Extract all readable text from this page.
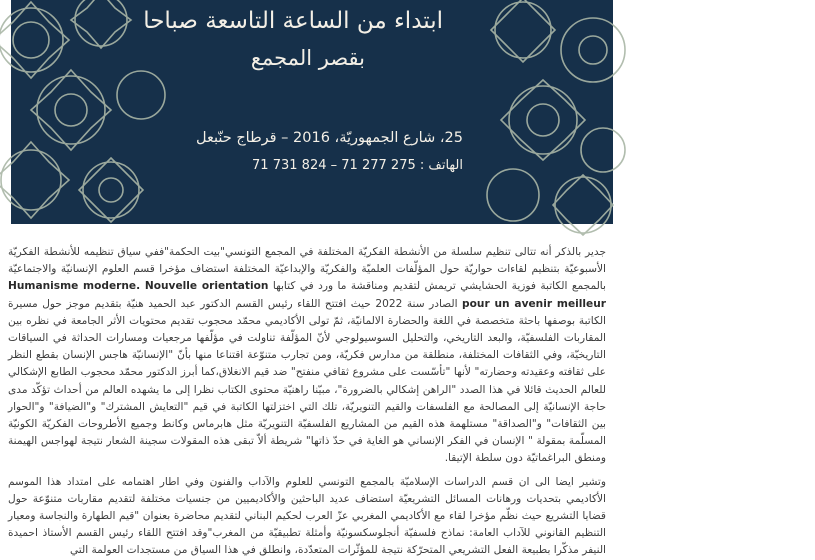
ابتداء من الساعة التاسعة صباحا
بقصر المجمع
25، شارع الجمهوريّة، 2016 – قرطاج حنّبعل
الهاتف : 275 277 71 – 824 731 71

جدير بالذكر أنه تتالى تنظيم سلسلة من الأنشطة الفكريّة المختلفة في المجمع التونسي"بيت الحكمة"ففي سياق تنظيمه للأنشطة الفكريّة الأسبوعيّة بتنظيم لقاءات حواريّة حول المؤلّفات العلميّة والفكريّة والإبداعيّة المختلفة استضاف مؤخرا قسم العلوم الإنسانيّة والاجتماعيّة بالمجمع الكاتبة فوزية الحشايشي تريمش لتقديم ومناقشة ما ورد في كتابها Humanisme moderne. Nouvelle orientation pour un avenir meilleur الصادر سنة 2022 حيث افتتح اللقاء رئيس القسم الدكتور عبد الحميد هنيّة بتقديم موجز حول مسيرة الكاتبة بوصفها باحثة متخصصة في اللغة والحضارة الالمانيّة، ثمّ تولى الأكاديمي محمّد محجوب تقديم محتويات الأثر الجامعة في نظره بين المقاربات الفلسفيّة، والبعد التاريخي، والتحليل السوسيولوجي لأنّ المؤلّفة تناولت في مؤلّفها مرجعيات ومسارات الحداثة في السياقات التاريخيّة، وفي الثقافات المختلفة، منطلقة من مدارس فكريّة، ومن تجارب متنوّعة اقتناعا منها بأنّ "الإنسانيّة هاجس الإنسان بقطع النظر على ثقافته وعقيدته وحضارته" لأنها "تأسّست على مشروع ثقافي منفتح" ضد قيم الانغلاق،كما أبرز الدكتور محمّد محجوب الطابع الإشكالي للعالم الحديث قائلا في هذا الصدد "الراهن إشكالي بالضرورة"، مبيّنا راهنيّة محتوى الكتاب نظرا إلى ما يشهده العالم من أحداث تؤكّد مدى حاجة الإنسانيّة إلى المصالحة مع الفلسفات والقيم التنويريّة، تلك التي اختزلتها الكاتبة في قيم "التعايش المشترك" و"الضيافة" و"الحوار بين الثقافات" و"الصداقة" مستلهمة هذه القيم من المشاريع الفلسفيّة التنويريّة مثل هابرماس وكانط وجميع الأطروحات الفكريّة الكونيّة المسلّمة بمقولة " الإنسان في الفكر الإنساني هو الغاية في حدّ ذاتها" شريطة ألاّ تبقى هذه المقولات سجينة الشعار نتيجة لهواجس الهيمنة ومنطق البراغماتيّة دون سلطة الإتيقا.

وتشير ايضا الى ان قسم الدراسات الإسلاميّة بالمجمع التونسي للعلوم والآداب والفنون وفي اطار اهتمامه على امتداد هذا الموسم الأكاديمي بتحديات ورهانات المسائل التشريعيّة استضاف عديد الباحثين والأكاديميين من جنسيات مختلفة لتقديم مقاربات متنوّعة حول قضايا التشريع حيث نظّم مؤخرا لقاء مع الأكاديمي المغربي عزّ العرب لحكيم البناني لتقديم محاضرة بعنوان "قيم الطهارة والنجاسة ومعيار التنظيم القانوني للآداب العامة: نماذج فلسفيّة أنجلوسكسونيّة وأمثلة تطبيقيّة من المغرب"وقد افتتح اللقاء رئيس القسم الأستاذ احميدة النيفر مذكّرا بطبيعة الفعل التشريعي المتحرّكة نتيجة للمؤثّرات المتعدّدة، وانطلق في هذا السياق من مستجدات العولمة التي
